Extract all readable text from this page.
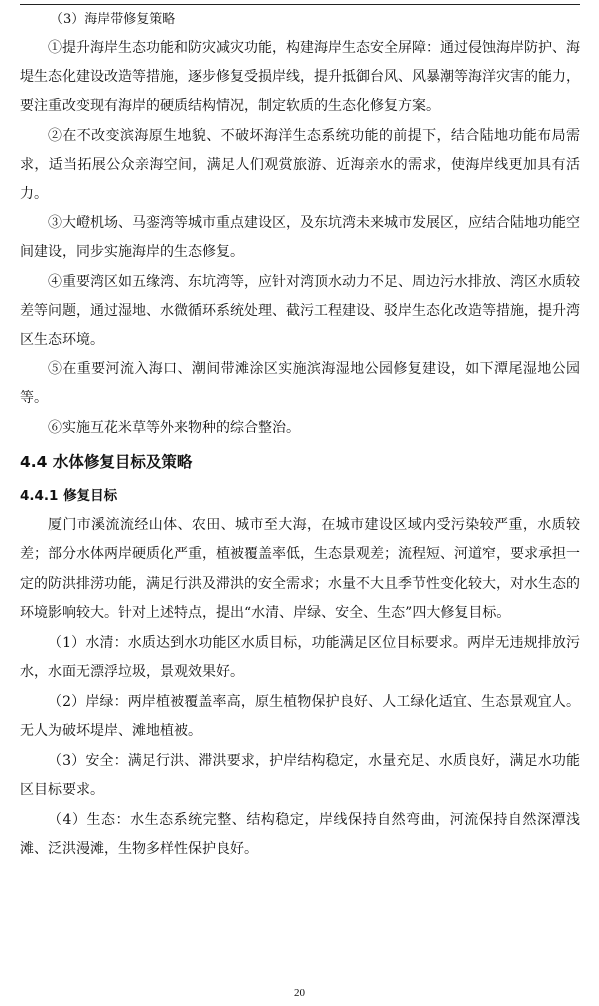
（3）海岸带修复策略

①提升海岸生态功能和防灾减灾功能，构建海岸生态安全屏障：通过侵蚀海岸防护、海堤生态化建设改造等措施，逐步修复受损岸线，提升抵御台风、风暴潮等海洋灾害的能力，要注重改变现有海岸的硬质结构情况，制定软质的生态化修复方案。

②在不改变滨海原生地貌、不破坏海洋生态系统功能的前提下，结合陆地功能布局需求，适当拓展公众亲海空间，满足人们观赏旅游、近海亲水的需求，使海岸线更加具有活力。

③大嶝机场、马銮湾等城市重点建设区，及东坑湾未来城市发展区，应结合陆地功能空间建设，同步实施海岸的生态修复。

④重要湾区如五缘湾、东坑湾等，应针对湾顶水动力不足、周边污水排放、湾区水质较差等问题，通过湿地、水微循环系统处理、截污工程建设、驳岸生态化改造等措施，提升湾区生态环境。

⑤在重要河流入海口、潮间带滩涂区实施滨海湿地公园修复建设，如下潭尾湿地公园等。

⑥实施互花米草等外来物种的综合整治。

4.4 水体修复目标及策略
4.4.1 修复目标

厦门市溪流流经山体、农田、城市至大海，在城市建设区域内受污染较严重，水质较差；部分水体两岸硬质化严重，植被覆盖率低，生态景观差；流程短、河道窄，要求承担一定的防洪排涝功能，满足行洪及滞洪的安全需求；水量不大且季节性变化较大，对水生态的环境影响较大。针对上述特点，提出“水清、岸绿、安全、生态”四大修复目标。

（1）水清：水质达到水功能区水质目标，功能满足区位目标要求。两岸无违规排放污水，水面无漂浮垃圾，景观效果好。

（2）岸绿：两岸植被覆盖率高，原生植物保护良好、人工绿化适宜、生态景观宜人。无人为破坏堤岸、滩地植被。

（3）安全：满足行洪、滞洪要求，护岸结构稳定，水量充足、水质良好，满足水功能区目标要求。

（4）生态：水生态系统完整、结构稳定，岸线保持自然弯曲，河流保持自然深潭浅滩、泛洪漫滩，生物多样性保护良好。

20
